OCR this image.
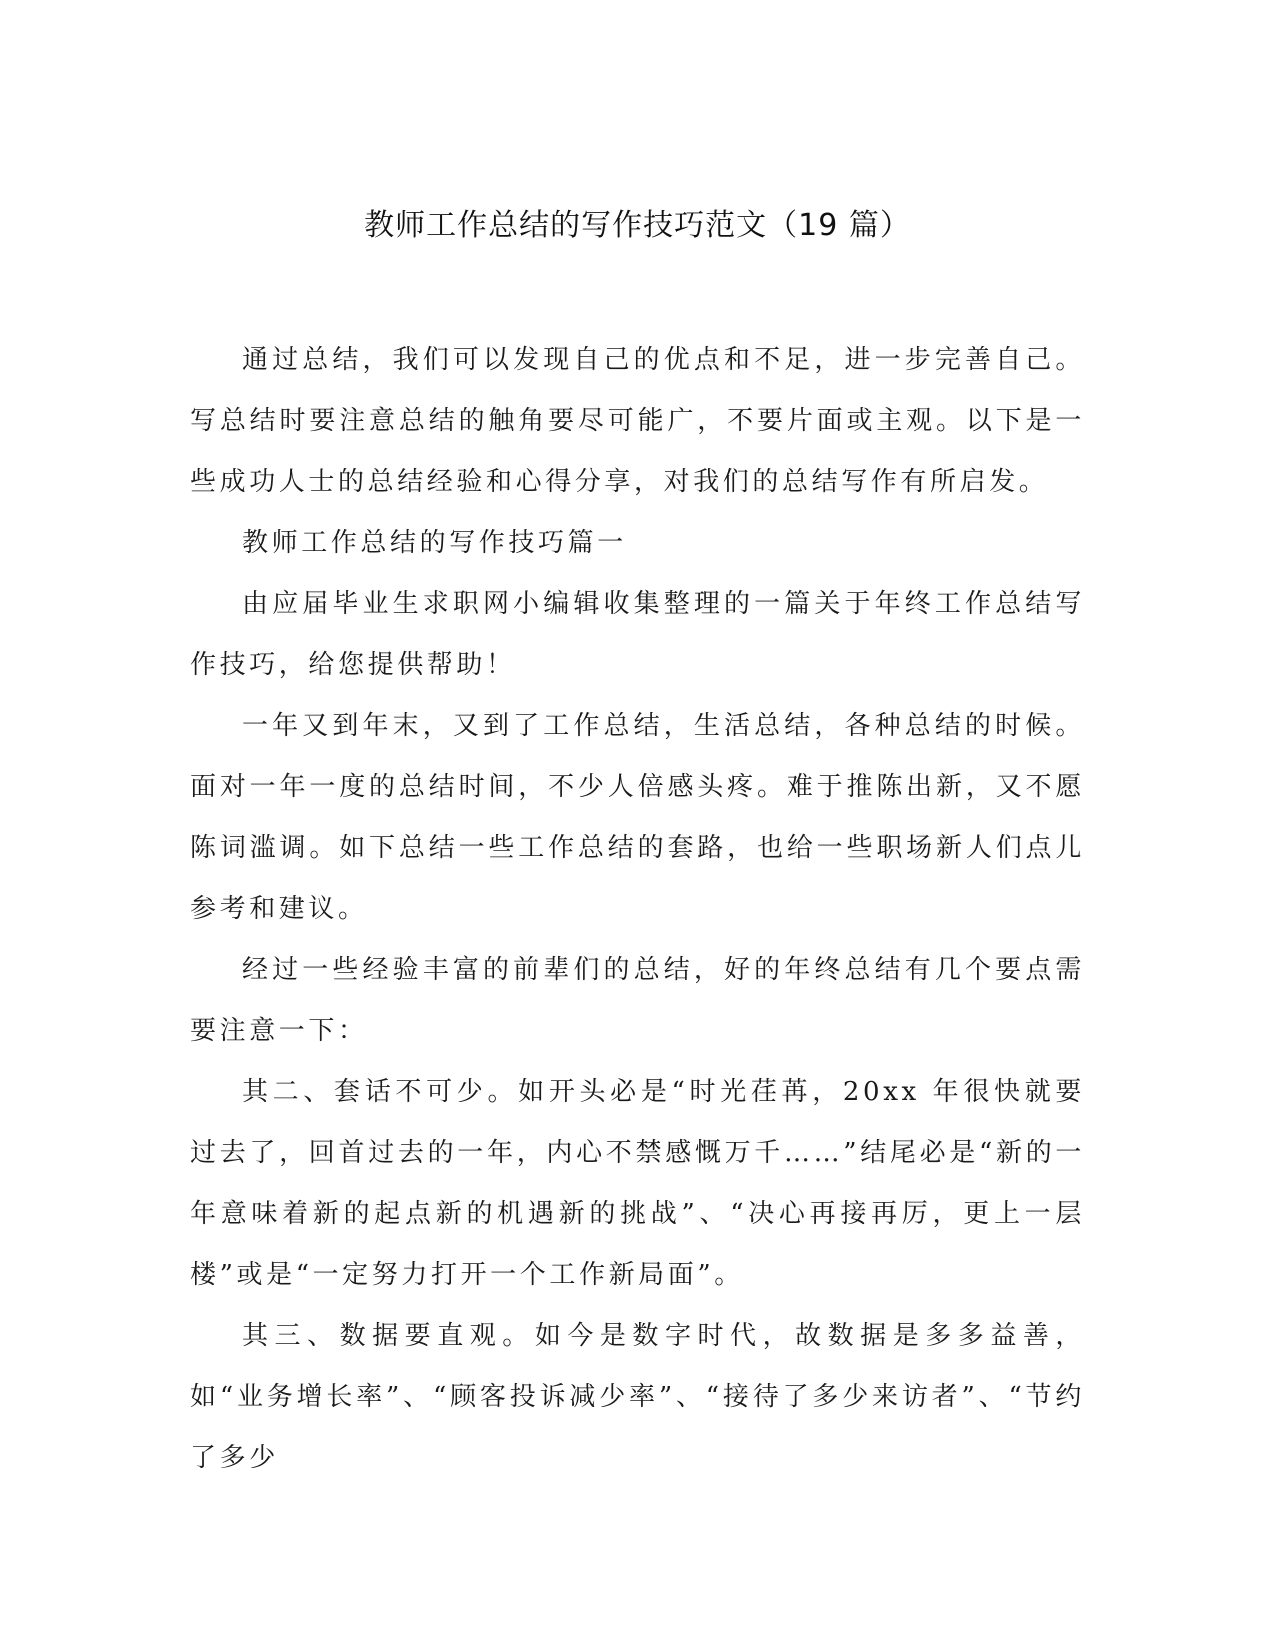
教师工作总结的写作技巧范文（19 篇）

通过总结，我们可以发现自己的优点和不足，进一步完善自己。写总结时要注意总结的触角要尽可能广，不要片面或主观。以下是一些成功人士的总结经验和心得分享，对我们的总结写作有所启发。

教师工作总结的写作技巧篇一

由应届毕业生求职网小编辑收集整理的一篇关于年终工作总结写作技巧，给您提供帮助！

一年又到年末，又到了工作总结，生活总结，各种总结的时候。面对一年一度的总结时间，不少人倍感头疼。难于推陈出新，又不愿陈词滥调。如下总结一些工作总结的套路，也给一些职场新人们点儿参考和建议。

经过一些经验丰富的前辈们的总结，好的年终总结有几个要点需要注意一下：

其二、套话不可少。如开头必是“时光荏苒，20xx 年很快就要过去了，回首过去的一年，内心不禁感慨万千……”结尾必是“新的一年意味着新的起点新的机遇新的挑战”、“决心再接再厉，更上一层楼”或是“一定努力打开一个工作新局面”。

其三、数据要直观。如今是数字时代，故数据是多多益善，如“业务增长率”、“顾客投诉减少率”、“接待了多少来访者”、“节约了多少
